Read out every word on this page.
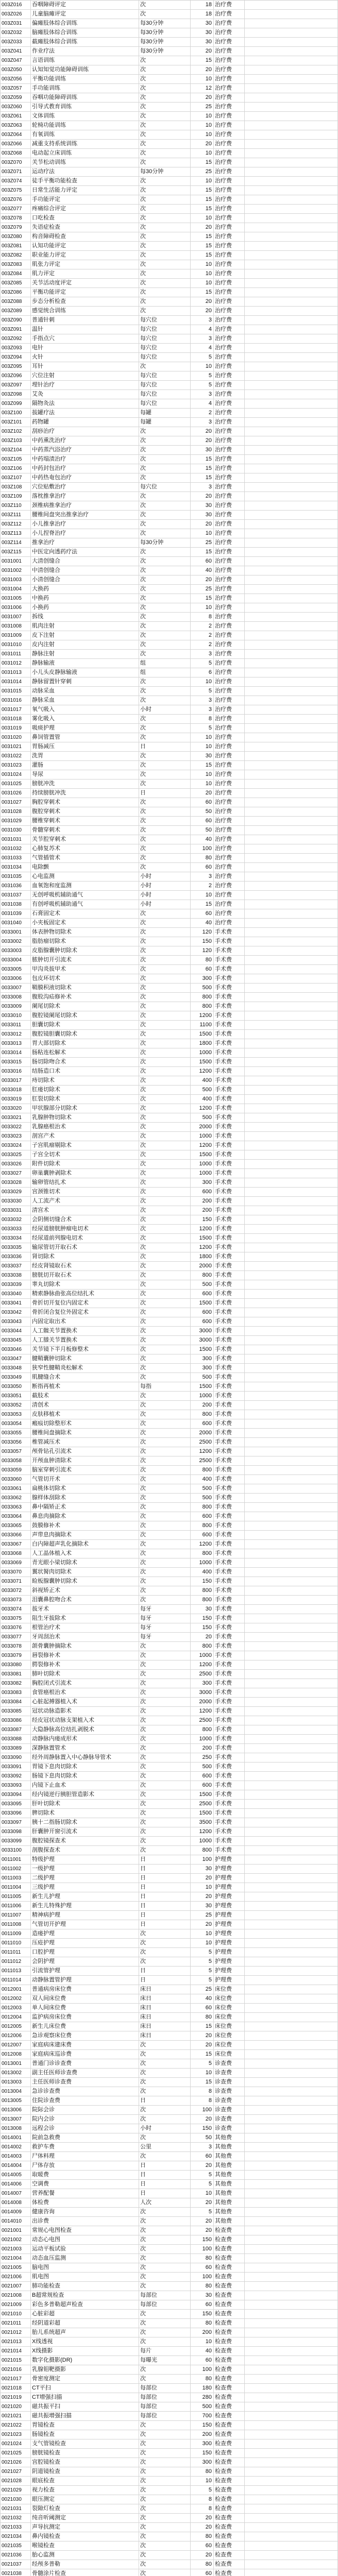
003Z016	吞咽障碍评定	次	18 治疗费
003Z026	儿童脑瘫评定	次	18 治疗费
003Z031	偏瘫肢体综合训练	每30分钟	30 治疗费
003Z032	脑瘫肢体综合训练	每30分钟	30 治疗费
003Z033	截瘫肢体综合训练	每30分钟	30 治疗费
003Z041	作业疗法	每30分钟	20 治疗费
003Z047	言语训练	次	15 治疗费
003Z050	认知知觉功能障碍训练	次	20 治疗费
003Z056	平衡功能训练	次	10 治疗费
003Z057	手功能训练	次	12 治疗费
003Z059	吞咽功能障碍训练	次	20 治疗费
003Z060	引导式教育训练	次	25 治疗费
003Z061	文体训练	次	10 治疗费
003Z063	轮椅功能训练	次	10 治疗费
003Z064	有氧训练	次	10 治疗费
003Z066	减重支持系统训练	次	20 治疗费
003Z068	电动起立床训练	次	10 治疗费
003Z070	关节松动训练	次	15 治疗费
003Z071	运动疗法	每30分钟	25 治疗费
003Z074	徒手平衡功能检查	次	10 治疗费
003Z075	日常生活能力评定	次	15 治疗费
003Z076	手功能评定	次	15 治疗费
003Z077	疼痛综合评定	次	15 治疗费
003Z078	口吃检查	次	10 治疗费
003Z079	失语症检查	次	20 治疗费
003Z080	构音障碍检查	次	15 治疗费
003Z081	认知功能评定	次	15 治疗费
003Z082	职业能力评定	次	15 治疗费
003Z083	肌张力评定	次	10 治疗费
003Z084	肌力评定	次	10 治疗费
003Z085	关节活动度评定	次	10 治疗费
003Z086	平衡功能评定	次	15 治疗费
003Z088	步态分析检查	次	20 治疗费
003Z089	感觉统合训练	次	20 治疗费
003Z090	普通针刺	每穴位	3 治疗费
003Z091	温针	每穴位	4 治疗费
003Z092	手指点穴	每穴位	3 治疗费
003Z093	电针	每穴位	4 治疗费
003Z094	火针	每穴位	5 治疗费
003Z095	耳针	次	10 治疗费
003Z096	穴位注射	每穴位	5 治疗费
003Z097	埋针治疗	每穴位	5 治疗费
003Z098	艾灸	每穴位	3 治疗费
003Z099	隔物灸法	每穴位	4 治疗费
003Z100	拔罐疗法	每罐	2 治疗费
003Z101	药物罐	每罐	3 治疗费
003Z102	刮痧治疗	次	20 治疗费
003Z103	中药熏洗治疗	次	20 治疗费
003Z104	中药蒸汽浴治疗	次	30 治疗费
003Z105	中药塌渍治疗	次	15 治疗费
003Z106	中药封包治疗	次	15 治疗费
003Z107	中药热奄包治疗	次	15 治疗费
003Z108	穴位贴敷治疗	每穴位	3 治疗费
003Z109	落枕推拿治疗	次	20 治疗费
003Z110	颈椎病推拿治疗	次	30 治疗费
003Z111	腰椎间盘突出推拿治疗	次	30 治疗费
003Z112	小儿推拿治疗	次	20 治疗费
003Z113	小儿捏脊治疗	次	10 治疗费
003Z114	推拿治疗	每30分钟	25 治疗费
003Z115	中医定向透药疗法	次	15 治疗费
0031001	大清创缝合	次	60 治疗费
0031002	中清创缝合	次	40 治疗费
0031003	小清创缝合	次	20 治疗费
0031004	大换药	次	25 治疗费
0031005	中换药	次	15 治疗费
0031006	小换药	次	10 治疗费
0031007	拆线	次	8 治疗费
0031008	肌肉注射	次	2 治疗费
0031009	皮下注射	次	2 治疗费
0031010	皮内注射	次	2 治疗费
0031011	静脉注射	次	3 治疗费
0031012	静脉输液	组	5 治疗费
0031013	小儿头皮静脉输液	组	6 治疗费
0031014	静脉留置针穿刺	次	10 治疗费
0031015	动脉采血	次	5 治疗费
0031016	静脉采血	次	3 治疗费
0031017	氧气吸入	小时	3 治疗费
0031018	雾化吸入	次	8 治疗费
0031019	吸痰护理	次	5 治疗费
0031020	鼻饲管置管	次	10 治疗费
0031021	胃肠减压	日	10 治疗费
0031022	洗胃	次	30 治疗费
0031023	灌肠	次	15 治疗费
0031024	导尿	次	10 治疗费
0031025	膀胱冲洗	次	10 治疗费
0031026	持续膀胱冲洗	日	20 治疗费
0031027	胸腔穿刺术	次	60 治疗费
0031028	腹腔穿刺术	次	50 治疗费
0031029	腰椎穿刺术	次	60 治疗费
0031030	骨髓穿刺术	次	50 治疗费
0031031	关节腔穿刺术	次	40 治疗费
0031032	心肺复苏术	次	100 治疗费
0031033	气管插管术	次	80 治疗费
0031034	电除颤	次	60 治疗费
0031035	心电监测	小时	3 治疗费
0031036	血氧饱和度监测	小时	2 治疗费
0031037	无创呼吸机辅助通气	小时	10 治疗费
0031038	有创呼吸机辅助通气	小时	15 治疗费
0031039	石膏固定术	次	60 治疗费
0031040	小夹板固定术	次	40 治疗费
0033001	体表肿物切除术	次	120 手术费
0033002	脂肪瘤切除术	次	150 手术费
0033003	皮脂腺囊肿切除术	次	120 手术费
0033004	脓肿切开引流术	次	80 手术费
0033005	甲沟炎拔甲术	次	60 手术费
0033006	包皮环切术	次	300 手术费
0033007	鞘膜积液切除术	次	500 手术费
0033008	腹股沟疝修补术	次	800 手术费
0033009	阑尾切除术	次	800 手术费
0033010	腹腔镜阑尾切除术	次	1200 手术费
0033011	胆囊切除术	次	1100 手术费
0033012	腹腔镜胆囊切除术	次	1500 手术费
0033013	胃大部切除术	次	1800 手术费
0033014	肠粘连松解术	次	1000 手术费
0033015	肠切除吻合术	次	1500 手术费
0033016	结肠造口术	次	1200 手术费
0033017	痔切除术	次	400 手术费
0033018	肛瘘切除术	次	500 手术费
0033019	肛裂切除术	次	400 手术费
0033020	甲状腺部分切除术	次	1200 手术费
0033021	乳腺肿物切除术	次	500 手术费
0033022	乳腺癌根治术	次	2000 手术费
0033023	剖宫产术	次	1000 手术费
0033024	子宫肌瘤剔除术	次	1200 手术费
0033025	子宫全切术	次	1500 手术费
0033026	附件切除术	次	1000 手术费
0033027	卵巢囊肿剥除术	次	1000 手术费
0033028	输卵管结扎术	次	300 手术费
0033029	宫颈锥切术	次	600 手术费
0033030	人工流产术	次	200 手术费
0033031	清宫术	次	200 手术费
0033032	会阴侧切缝合术	次	150 手术费
0033033	经尿道膀胱肿瘤电切术	次	1200 手术费
0033034	经尿道前列腺电切术	次	1500 手术费
0033035	输尿管切开取石术	次	1200 手术费
0033036	肾切除术	次	1800 手术费
0033037	经皮肾镜取石术	次	2000 手术费
0033038	膀胱切开取石术	次	800 手术费
0033039	睾丸切除术	次	500 手术费
0033040	精索静脉曲张高位结扎术	次	600 手术费
0033041	骨折切开复位内固定术	次	1500 手术费
0033042	骨折闭合复位外固定术	次	600 手术费
0033043	内固定取出术	次	600 手术费
0033044	人工髋关节置换术	次	3000 手术费
0033045	人工膝关节置换术	次	3000 手术费
0033046	关节镜下半月板修整术	次	1500 手术费
0033047	腱鞘囊肿切除术	次	300 手术费
0033048	狭窄性腱鞘炎松解术	次	300 手术费
0033049	肌腱缝合术	次	500 手术费
0033050	断指再植术	每指	1500 手术费
0033051	截肢术	次	1000 手术费
0033052	清创术	次	200 手术费
0033053	皮肤移植术	次	800 手术费
0033054	瘢痕切除整形术	次	600 手术费
0033055	腰椎间盘摘除术	次	2000 手术费
0033056	椎管减压术	次	2500 手术费
0033057	颅骨钻孔引流术	次	1200 手术费
0033058	开颅血肿清除术	次	2500 手术费
0033059	脑室穿刺引流术	次	800 手术费
0033060	气管切开术	次	400 手术费
0033061	扁桃体切除术	次	500 手术费
0033062	腺样体刮除术	次	500 手术费
0033063	鼻中隔矫正术	次	800 手术费
0033064	鼻息肉摘除术	次	600 手术费
0033065	鼓膜修补术	次	800 手术费
0033066	声带息肉摘除术	次	600 手术费
0033067	白内障超声乳化摘除术	次	1200 手术费
0033068	人工晶体植入术	次	800 手术费
0033069	青光眼小梁切除术	次	1000 手术费
0033070	翼状胬肉切除术	次	400 手术费
0033071	睑板腺囊肿切除术	次	150 手术费
0033072	斜视矫正术	次	800 手术费
0033073	泪囊鼻腔吻合术	次	800 手术费
0033074	拔牙术	每牙	30 手术费
0033075	阻生牙拔除术	每牙	150 手术费
0033076	根管治疗术	每牙	150 手术费
0033077	牙周刮治术	每牙	20 手术费
0033078	颌骨囊肿摘除术	次	800 手术费
0033079	唇裂修补术	次	1000 手术费
0033080	腭裂修补术	次	1200 手术费
0033081	肺叶切除术	次	2500 手术费
0033082	胸腔闭式引流术	次	300 手术费
0033083	食管癌根治术	次	3000 手术费
0033084	心脏起搏器植入术	次	2000 手术费
0033085	冠状动脉造影术	次	1200 手术费
0033086	经皮冠状动脉支架植入术	次	2500 手术费
0033087	大隐静脉高位结扎剥脱术	次	800 手术费
0033088	动静脉内瘘成形术	次	1000 手术费
0033089	深静脉置管术	次	200 手术费
0033090	经外周静脉置入中心静脉导管术	次	250 手术费
0033091	胃镜下息肉切除术	次	500 手术费
0033092	肠镜下息肉切除术	次	600 手术费
0033093	内镜下止血术	次	600 手术费
0033094	经内镜逆行胰胆管造影术	次	1500 手术费
0033095	肝叶切除术	次	2500 手术费
0033096	脾切除术	次	1500 手术费
0033097	胰十二指肠切除术	次	3500 手术费
0033098	肝囊肿开窗引流术	次	1200 手术费
0033099	腹腔镜探查术	次	1000 手术费
0033100	剖腹探查术	次	800 手术费
0011001	特级护理	日	100 护理费
0011002	一级护理	日	30 护理费
0011003	二级护理	日	20 护理费
0011004	三级护理	日	10 护理费
0011005	新生儿护理	日	20 护理费
0011006	新生儿特殊护理	日	30 护理费
0011007	精神病护理	日	25 护理费
0011008	气管切开护理	日	20 护理费
0011009	造瘘护理	次	10 护理费
0011010	压疮护理	次	10 护理费
0011011	口腔护理	次	5 护理费
0011012	会阴护理	次	5 护理费
0011013	引流管护理	日	5 护理费
0011014	动静脉置管护理	日	5 护理费
0012001	普通病房床位费	床日	25 床位费
0012002	双人间床位费	床日	40 床位费
0012003	单人间床位费	床日	60 床位费
0012004	监护病房床位费	床日	80 床位费
0012005	新生儿床位费	床日	15 床位费
0012006	急诊观察床位费	床日	20 床位费
0012007	家庭病床建床费	次	20 床位费
0012008	家庭病床巡诊费	次	15 床位费
0013001	普通门诊诊查费	次	5 诊查费
0013002	副主任医师诊查费	次	10 诊查费
0013003	主任医师诊查费	次	15 诊查费
0013004	急诊诊查费	次	8 诊查费
0013005	住院诊查费	日	8 诊查费
0013006	院际会诊	次	100 诊查费
0013007	院内会诊	次	20 诊查费
0013008	远程会诊	小时	150 诊查费
0014001	院前急救费	次	50 其他费
0014002	救护车费	公里	3 其他费
0014003	尸体料理	次	60 其他费
0014004	尸体存放	日	20 其他费
0014005	取暖费	日	5 其他费
0014006	空调费	日	5 其他费
0014007	营养配餐	日	10 其他费
0014008	体检费	人次	20 其他费
0014009	健康咨询	次	5 其他费
0014010	出诊费	次	20 其他费
0021001	常规心电图检查	次	20 检查费
0021002	动态心电图	次	150 检查费
0021003	运动平板试验	次	100 检查费
0021004	动态血压监测	次	80 检查费
0021005	脑电图	次	60 检查费
0021006	肌电图	次	100 检查费
0021007	肺功能检查	次	80 检查费
0021008	B超常规检查	每部位	30 检查费
0021009	彩色多普勒超声检查	每部位	60 检查费
0021010	心脏彩超	次	150 检查费
0021011	经阴道彩超	次	80 检查费
0021012	胎儿系统超声	次	200 检查费
0021013	X线透视	次	10 检查费
0021014	X线摄影	每片	40 检查费
0021015	数字化摄影(DR)	每曝光	60 检查费
0021016	乳腺钼靶摄影	次	100 检查费
0021017	骨密度测定	次	80 检查费
0021018	CT平扫	每部位	180 检查费
0021019	CT增强扫描	每部位	280 检查费
0021020	磁共振平扫	每部位	500 检查费
0021021	磁共振增强扫描	每部位	700 检查费
0021022	胃镜检查	次	150 检查费
0021023	肠镜检查	次	200 检查费
0021024	支气管镜检查	次	300 检查费
0021025	膀胱镜检查	次	150 检查费
0021026	宫腔镜检查	次	300 检查费
0021027	阴道镜检查	次	80 检查费
0021028	眼底检查	次	10 检查费
0021029	视力检查	次	5 检查费
0021030	眼压测定	次	8 检查费
0021031	裂隙灯检查	次	8 检查费
0021032	纯音听阈测定	次	20 检查费
0021033	声导抗测定	次	20 检查费
0021034	鼻内镜检查	次	80 检查费
0021035	喉镜检查	次	60 检查费
0021036	胎心监测	次	20 检查费
0021037	经颅多普勒	次	80 检查费
0021038	骨髓涂片检查	次	60 检查费
